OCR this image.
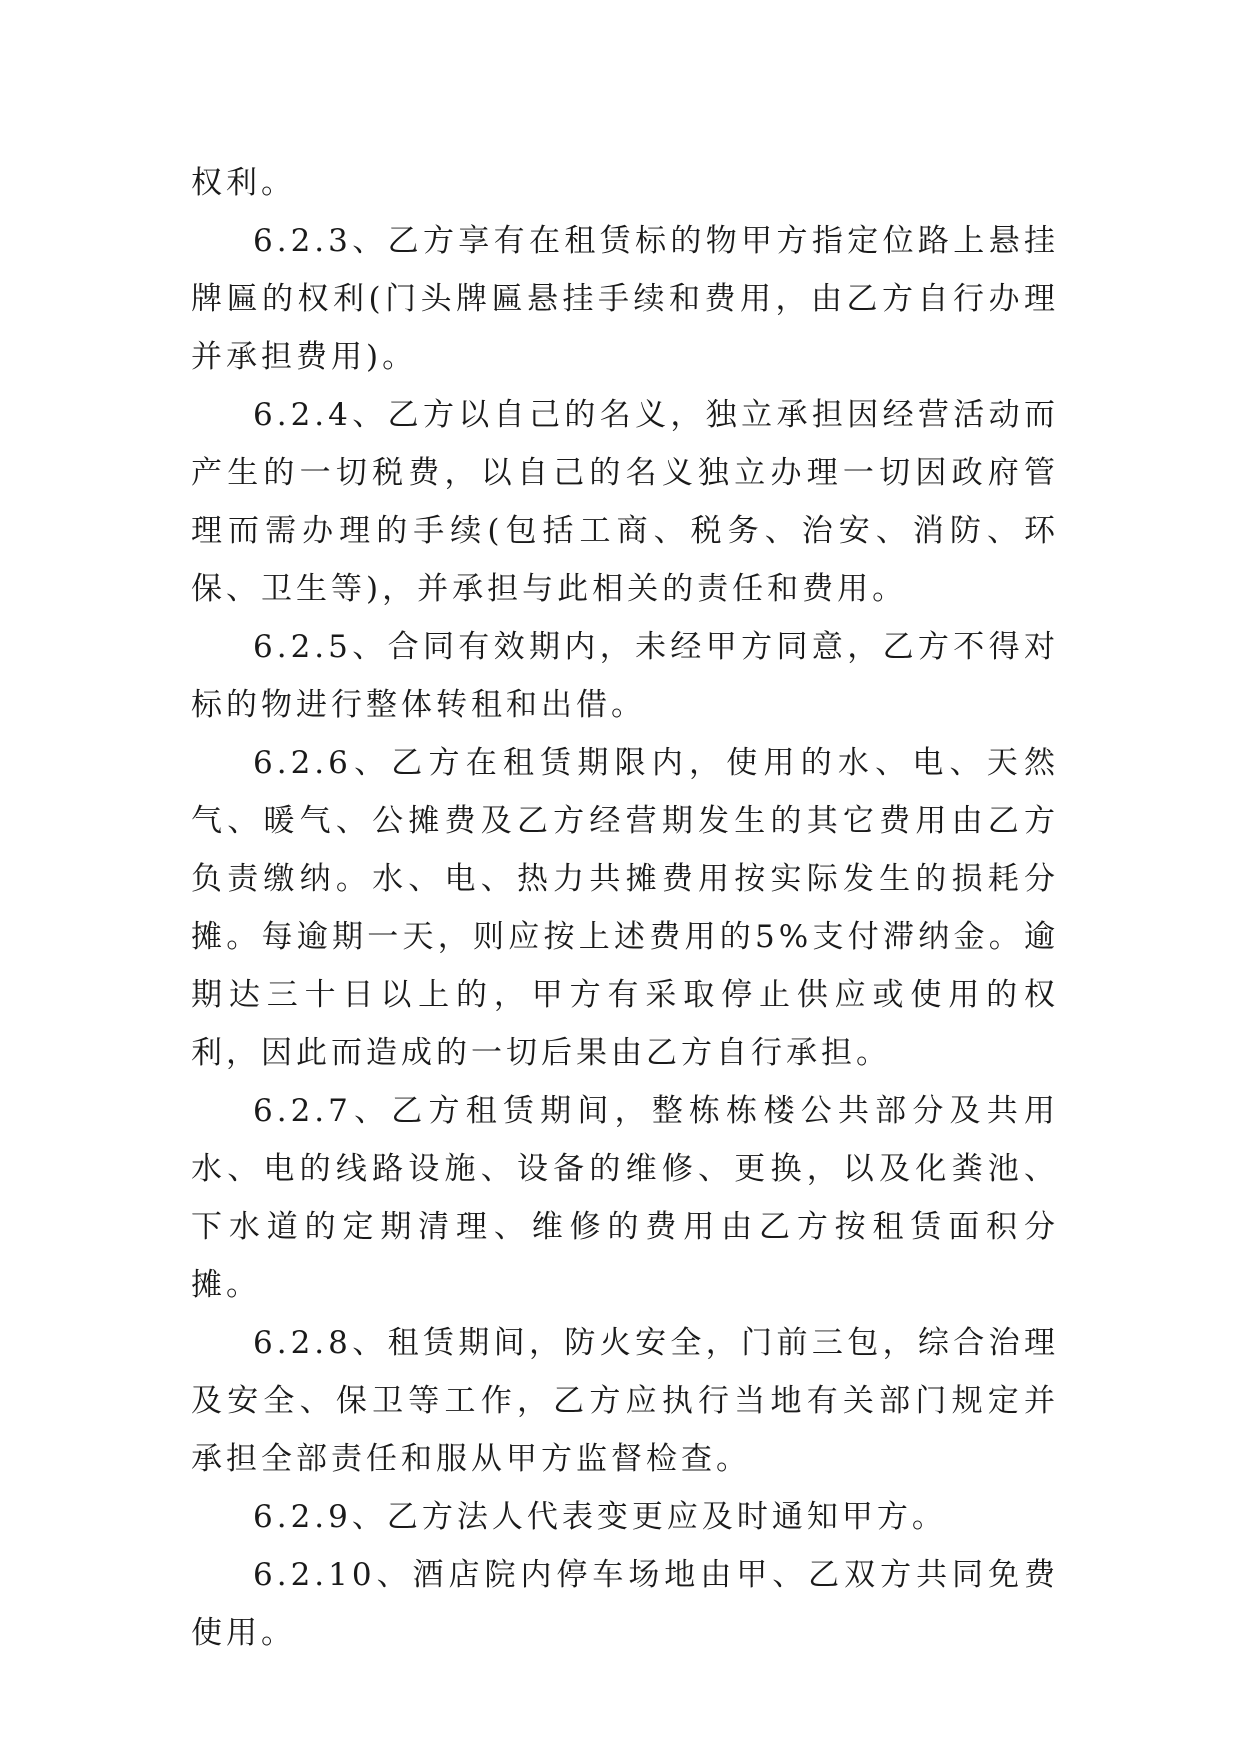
权利。

6.2.3、乙方享有在租赁标的物甲方指定位路上悬挂牌匾的权利(门头牌匾悬挂手续和费用，由乙方自行办理并承担费用)。

6.2.4、乙方以自己的名义，独立承担因经营活动而产生的一切税费，以自己的名义独立办理一切因政府管理而需办理的手续(包括工商、税务、治安、消防、环保、卫生等)，并承担与此相关的责任和费用。

6.2.5、合同有效期内，未经甲方同意，乙方不得对标的物进行整体转租和出借。

6.2.6、乙方在租赁期限内，使用的水、电、天然气、暖气、公摊费及乙方经营期发生的其它费用由乙方负责缴纳。水、电、热力共摊费用按实际发生的损耗分摊。每逾期一天，则应按上述费用的5%支付滞纳金。逾期达三十日以上的，甲方有采取停止供应或使用的权利，因此而造成的一切后果由乙方自行承担。

6.2.7、乙方租赁期间，整栋栋楼公共部分及共用水、电的线路设施、设备的维修、更换，以及化粪池、下水道的定期清理、维修的费用由乙方按租赁面积分摊。

6.2.8、租赁期间，防火安全，门前三包，综合治理及安全、保卫等工作，乙方应执行当地有关部门规定并承担全部责任和服从甲方监督检查。

6.2.9、乙方法人代表变更应及时通知甲方。

6.2.10、酒店院内停车场地由甲、乙双方共同免费使用。
